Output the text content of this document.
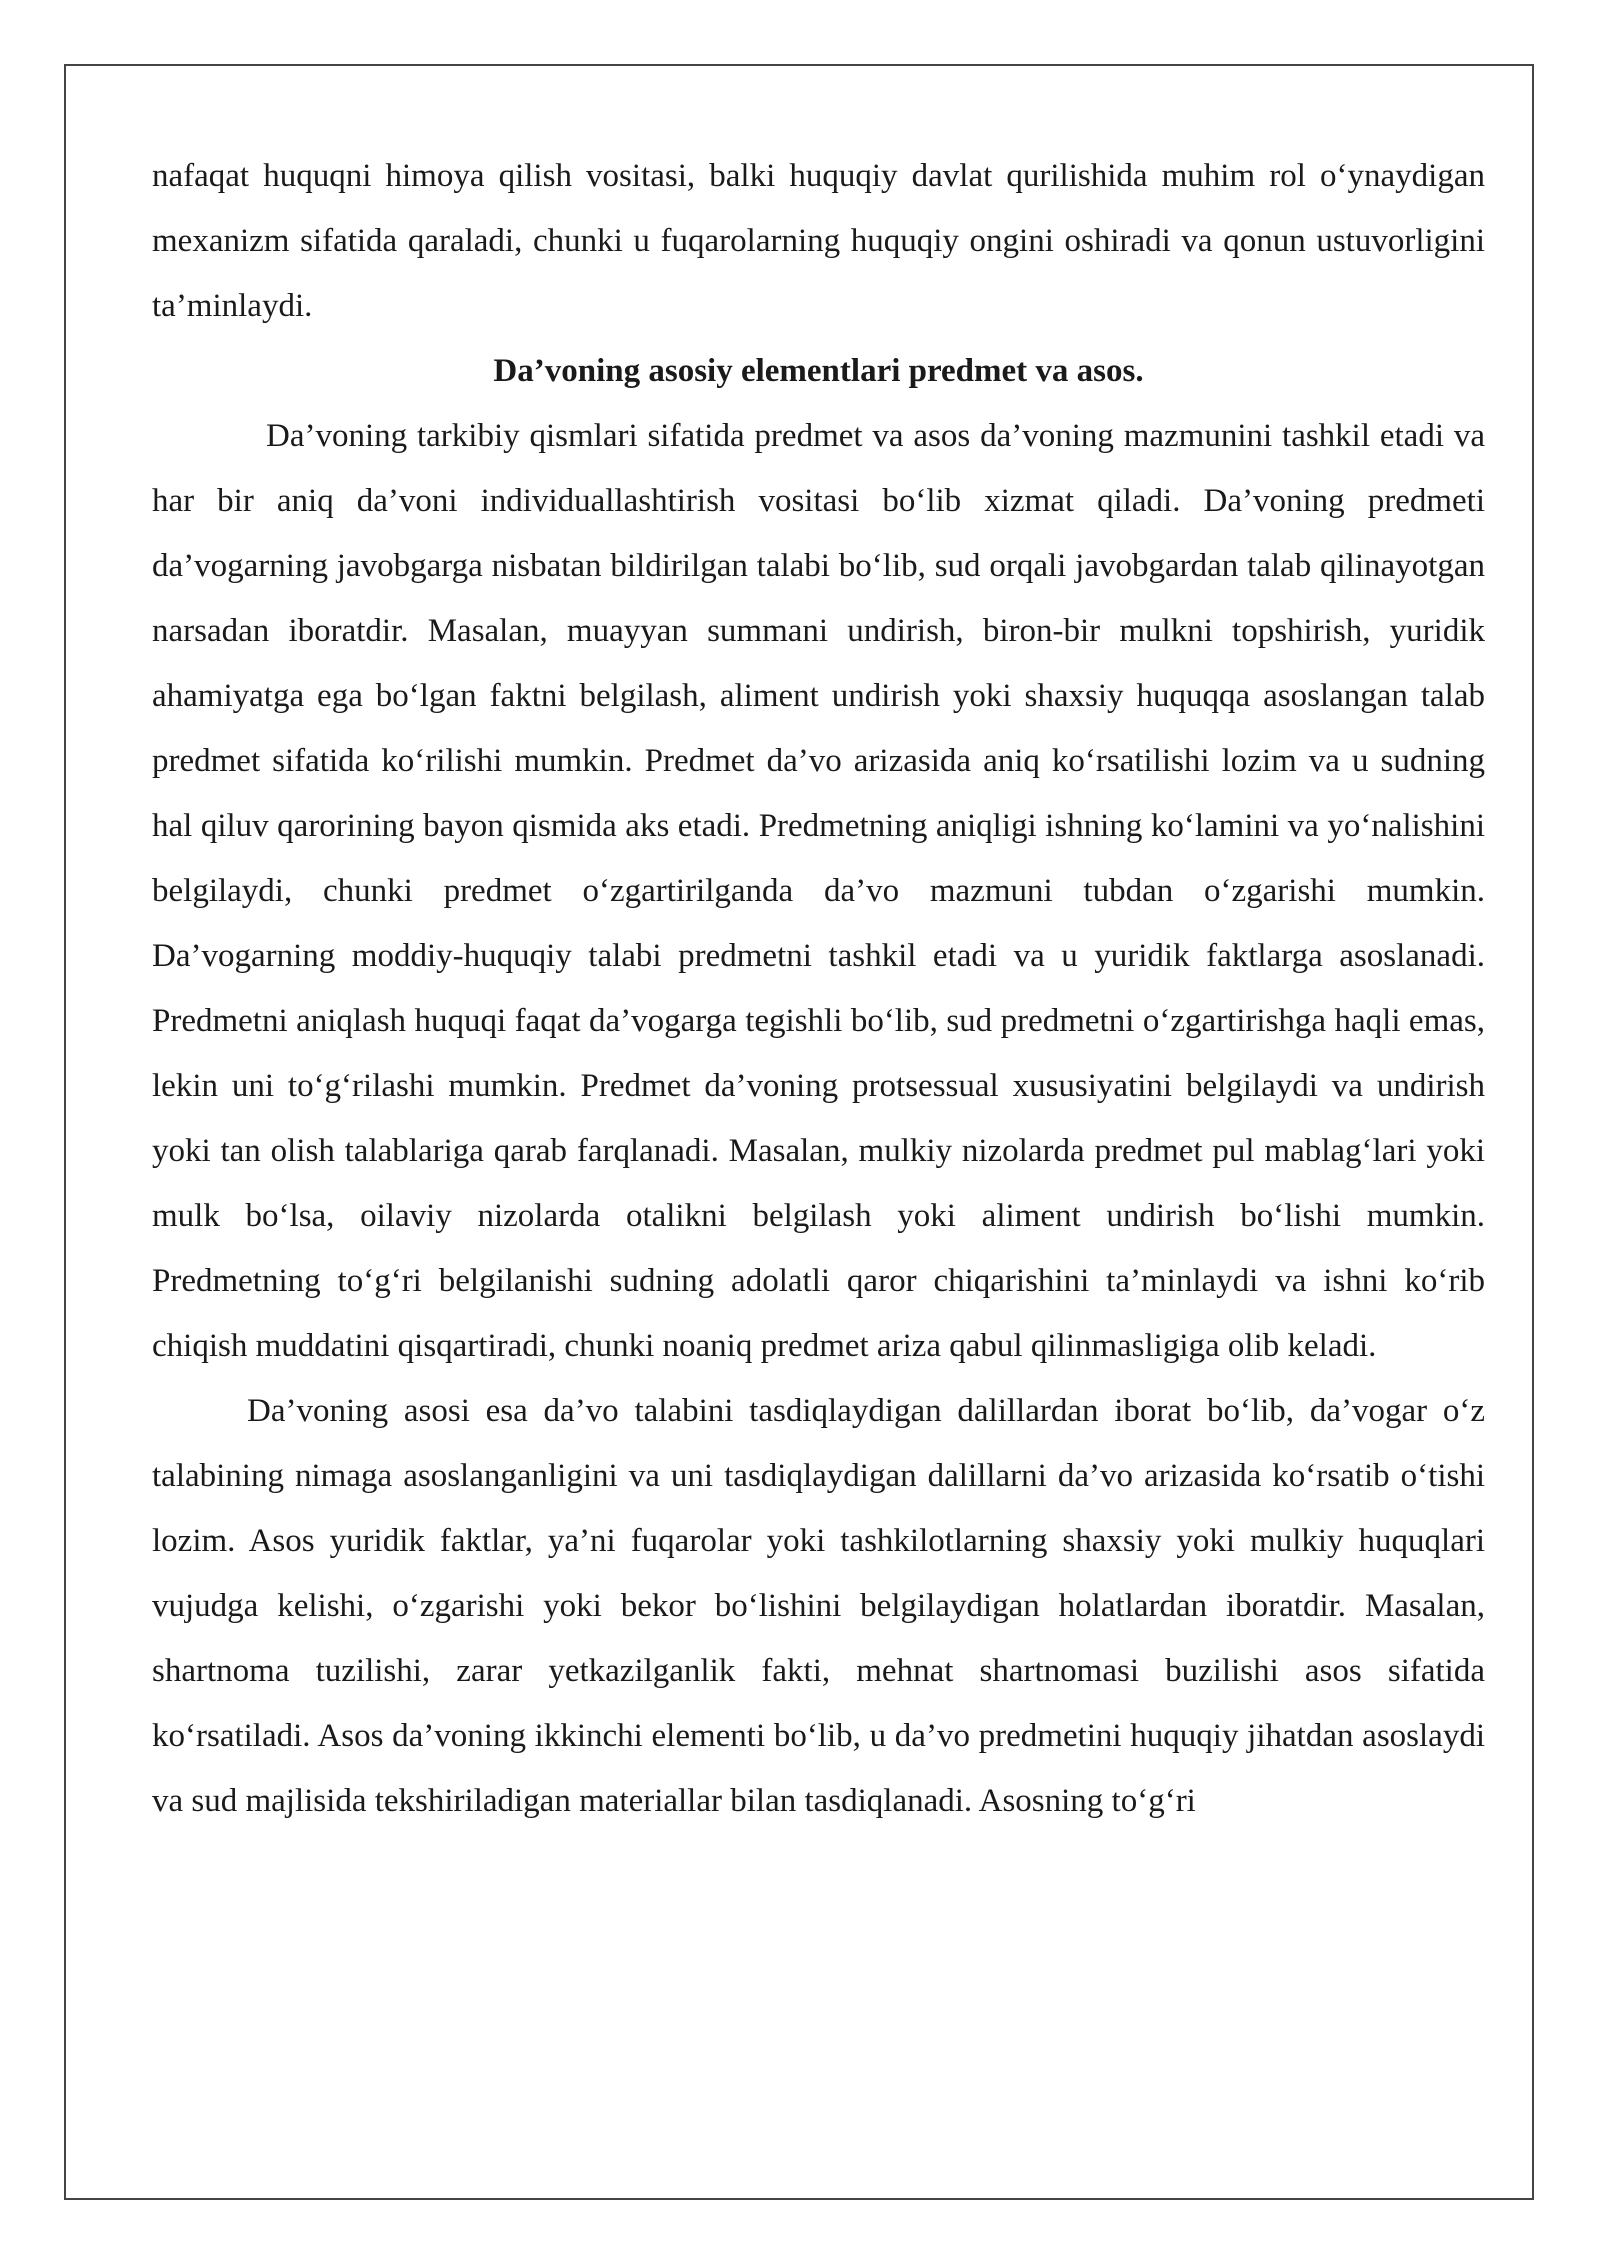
nafaqat huquqni himoya qilish vositasi, balki huquqiy davlat qurilishida muhim rol o‘ynaydigan mexanizm sifatida qaraladi, chunki u fuqarolarning huquqiy ongini oshiradi va qonun ustuvorligini ta’minlaydi.

Da’voning asosiy elementlari predmet va asos.

Da’voning tarkibiy qismlari sifatida predmet va asos da’voning mazmunini tashkil etadi va har bir aniq da’voni individuallashtirish vositasi bo‘lib xizmat qiladi. Da’voning predmeti da’vogarning javobgarga nisbatan bildirilgan talabi bo‘lib, sud orqali javobgardan talab qilinayotgan narsadan iboratdir. Masalan, muayyan summani undirish, biron-bir mulkni topshirish, yuridik ahamiyatga ega bo‘lgan faktni belgilash, aliment undirish yoki shaxsiy huquqqa asoslangan talab predmet sifatida ko‘rilishi mumkin. Predmet da’vo arizasida aniq ko‘rsatilishi lozim va u sudning hal qiluv qarorining bayon qismida aks etadi. Predmetning aniqligi ishning ko‘lamini va yo‘nalishini belgilaydi, chunki predmet o‘zgartirilganda da’vo mazmuni tubdan o‘zgarishi mumkin. Da’vogarning moddiy-huquqiy talabi predmetni tashkil etadi va u yuridik faktlarga asoslanadi. Predmetni aniqlash huquqi faqat da’vogarga tegishli bo‘lib, sud predmetni o‘zgartirishga haqli emas, lekin uni to‘g‘rilashi mumkin. Predmet da’voning protsessual xususiyatini belgilaydi va undirish yoki tan olish talablariga qarab farqlanadi. Masalan, mulkiy nizolarda predmet pul mablag‘lari yoki mulk bo‘lsa, oilaviy nizolarda otalikni belgilash yoki aliment undirish bo‘lishi mumkin. Predmetning to‘g‘ri belgilanishi sudning adolatli qaror chiqarishini ta’minlaydi va ishni ko‘rib chiqish muddatini qisqartiradi, chunki noaniq predmet ariza qabul qilinmasligiga olib keladi.

Da’voning asosi esa da’vo talabini tasdiqlaydigan dalillardan iborat bo‘lib, da’vogar o‘z talabining nimaga asoslanganligini va uni tasdiqlaydigan dalillarni da’vo arizasida ko‘rsatib o‘tishi lozim. Asos yuridik faktlar, ya’ni fuqarolar yoki tashkilotlarning shaxsiy yoki mulkiy huquqlari vujudga kelishi, o‘zgarishi yoki bekor bo‘lishini belgilaydigan holatlardan iboratdir. Masalan, shartnoma tuzilishi, zarar yetkazilganlik fakti, mehnat shartnomasi buzilishi asos sifatida ko‘rsatiladi. Asos da’voning ikkinchi elementi bo‘lib, u da’vo predmetini huquqiy jihatdan asoslaydi va sud majlisida tekshiriladigan materiallar bilan tasdiqlanadi. Asosning to‘g‘ri
